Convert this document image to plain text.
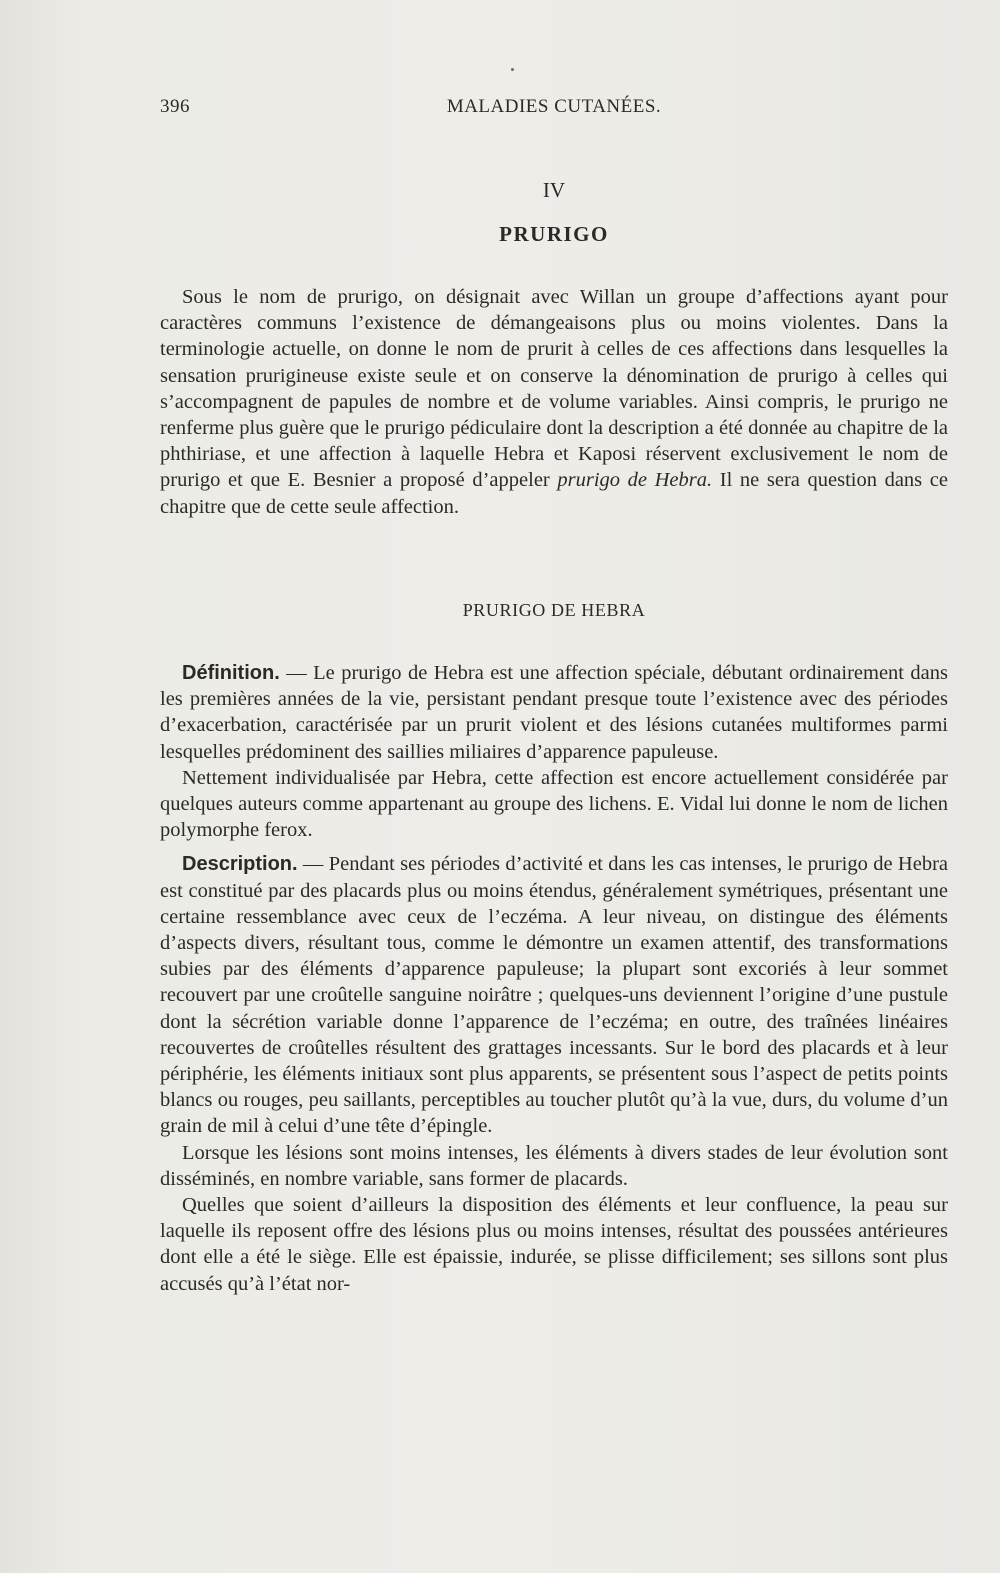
396	MALADIES CUTANÉES.
IV
PRURIGO

Sous le nom de prurigo, on désignait avec Willan un groupe d’affections ayant pour caractères communs l’existence de démangeaisons plus ou moins violentes. Dans la terminologie actuelle, on donne le nom de prurit à celles de ces affections dans lesquelles la sensation prurigineuse existe seule et on conserve la dénomination de prurigo à celles qui s’accompagnent de papules de nombre et de volume variables. Ainsi compris, le prurigo ne renferme plus guère que le prurigo pédiculaire dont la description a été donnée au chapitre de la phthiriase, et une affection à laquelle Hebra et Kaposi réservent exclusivement le nom de prurigo et que E. Besnier a proposé d’appeler prurigo de Hebra. Il ne sera question dans ce chapitre que de cette seule affection.

PRURIGO DE HEBRA

Définition. — Le prurigo de Hebra est une affection spéciale, débutant ordinairement dans les premières années de la vie, persistant pendant presque toute l’existence avec des périodes d’exacerbation, caractérisée par un prurit violent et des lésions cutanées multiformes parmi lesquelles prédominent des saillies miliaires d’apparence papuleuse.

Nettement individualisée par Hebra, cette affection est encore actuellement considérée par quelques auteurs comme appartenant au groupe des lichens. E. Vidal lui donne le nom de lichen polymorphe ferox.

Description. — Pendant ses périodes d’activité et dans les cas intenses, le prurigo de Hebra est constitué par des placards plus ou moins étendus, généralement symétriques, présentant une certaine ressemblance avec ceux de l’eczéma. A leur niveau, on distingue des éléments d’aspects divers, résultant tous, comme le démontre un examen attentif, des transformations subies par des éléments d’apparence papuleuse; la plupart sont excoriés à leur sommet recouvert par une croûtelle sanguine noirâtre ; quelques-uns deviennent l’origine d’une pustule dont la sécrétion variable donne l’apparence de l’eczéma; en outre, des traînées linéaires recouvertes de croûtelles résultent des grattages incessants. Sur le bord des placards et à leur périphérie, les éléments initiaux sont plus apparents, se présentent sous l’aspect de petits points blancs ou rouges, peu saillants, perceptibles au toucher plutôt qu’à la vue, durs, du volume d’un grain de mil à celui d’une tête d’épingle.

Lorsque les lésions sont moins intenses, les éléments à divers stades de leur évolution sont disséminés, en nombre variable, sans former de placards.

Quelles que soient d’ailleurs la disposition des éléments et leur confluence, la peau sur laquelle ils reposent offre des lésions plus ou moins intenses, résultat des poussées antérieures dont elle a été le siège. Elle est épaissie, indurée, se plisse difficilement; ses sillons sont plus accusés qu’à l’état nor-
